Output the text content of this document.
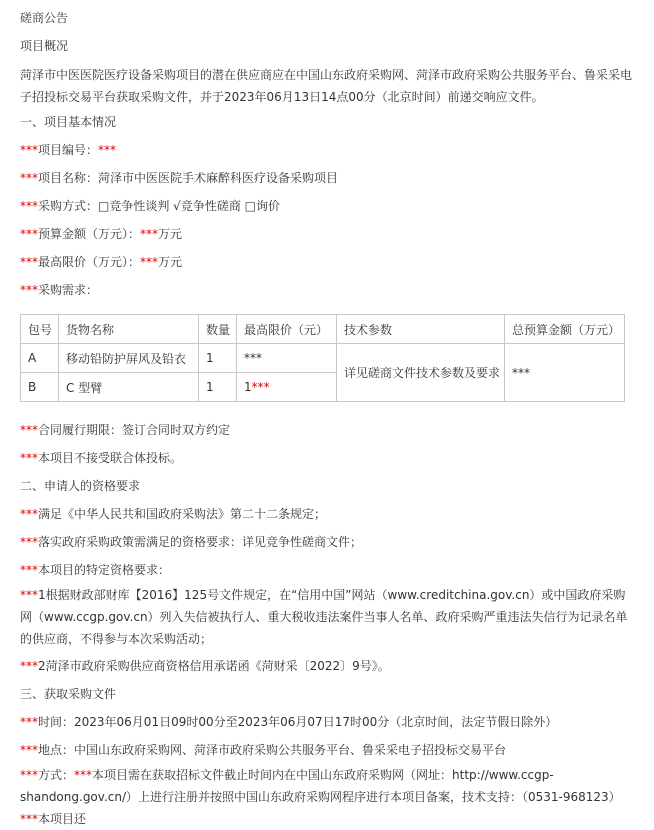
磋商公告
项目概况
菏泽市中医医院医疗设备采购项目的潜在供应商应在中国山东政府采购网、菏泽市政府采购公共服务平台、鲁采采电子招投标交易平台获取采购文件，并于2023年06月13日14点00分（北京时间）前递交响应文件。
一、项目基本情况
***项目编号：***
***项目名称：菏泽市中医医院手术麻醉科医疗设备采购项目
***采购方式：□竞争性谈判 √竞争性磋商 □询价
***预算金额（万元）：***万元
***最高限价（万元）：***万元
***采购需求：
包号	货物名称	数量	最高限价（元）	技术参数	总预算金额（万元）
A	移动铅防护屏风及铅衣	1	***	详见磋商文件技术参数及要求	***
B	C 型臂	1	1***		
***合同履行期限：签订合同时双方约定
***本项目不接受联合体投标。
二、申请人的资格要求
***满足《中华人民共和国政府采购法》第二十二条规定；
***落实政府采购政策需满足的资格要求：详见竞争性磋商文件；
***本项目的特定资格要求：
***1根据财政部财库【2016】125号文件规定，在“信用中国”网站（www.creditchina.gov.cn）或中国政府采购网（www.ccgp.gov.cn）列入失信被执行人、重大税收违法案件当事人名单、政府采购严重违法失信行为记录名单的供应商，不得参与本次采购活动；
***2菏泽市政府采购供应商资格信用承诺函《菏财采〔2022〕9号》。
三、获取采购文件
***时间：2023年06月01日09时00分至2023年06月07日17时00分（北京时间，法定节假日除外）
***地点：中国山东政府采购网、菏泽市政府采购公共服务平台、鲁采采电子招投标交易平台
***方式：***本项目需在获取招标文件截止时间内在中国山东政府采购网（网址：http://www.ccgp-shandong.gov.cn/）上进行注册并按照中国山东政府采购网程序进行本项目备案，技术支持：（0531-968123） ***本项目还
